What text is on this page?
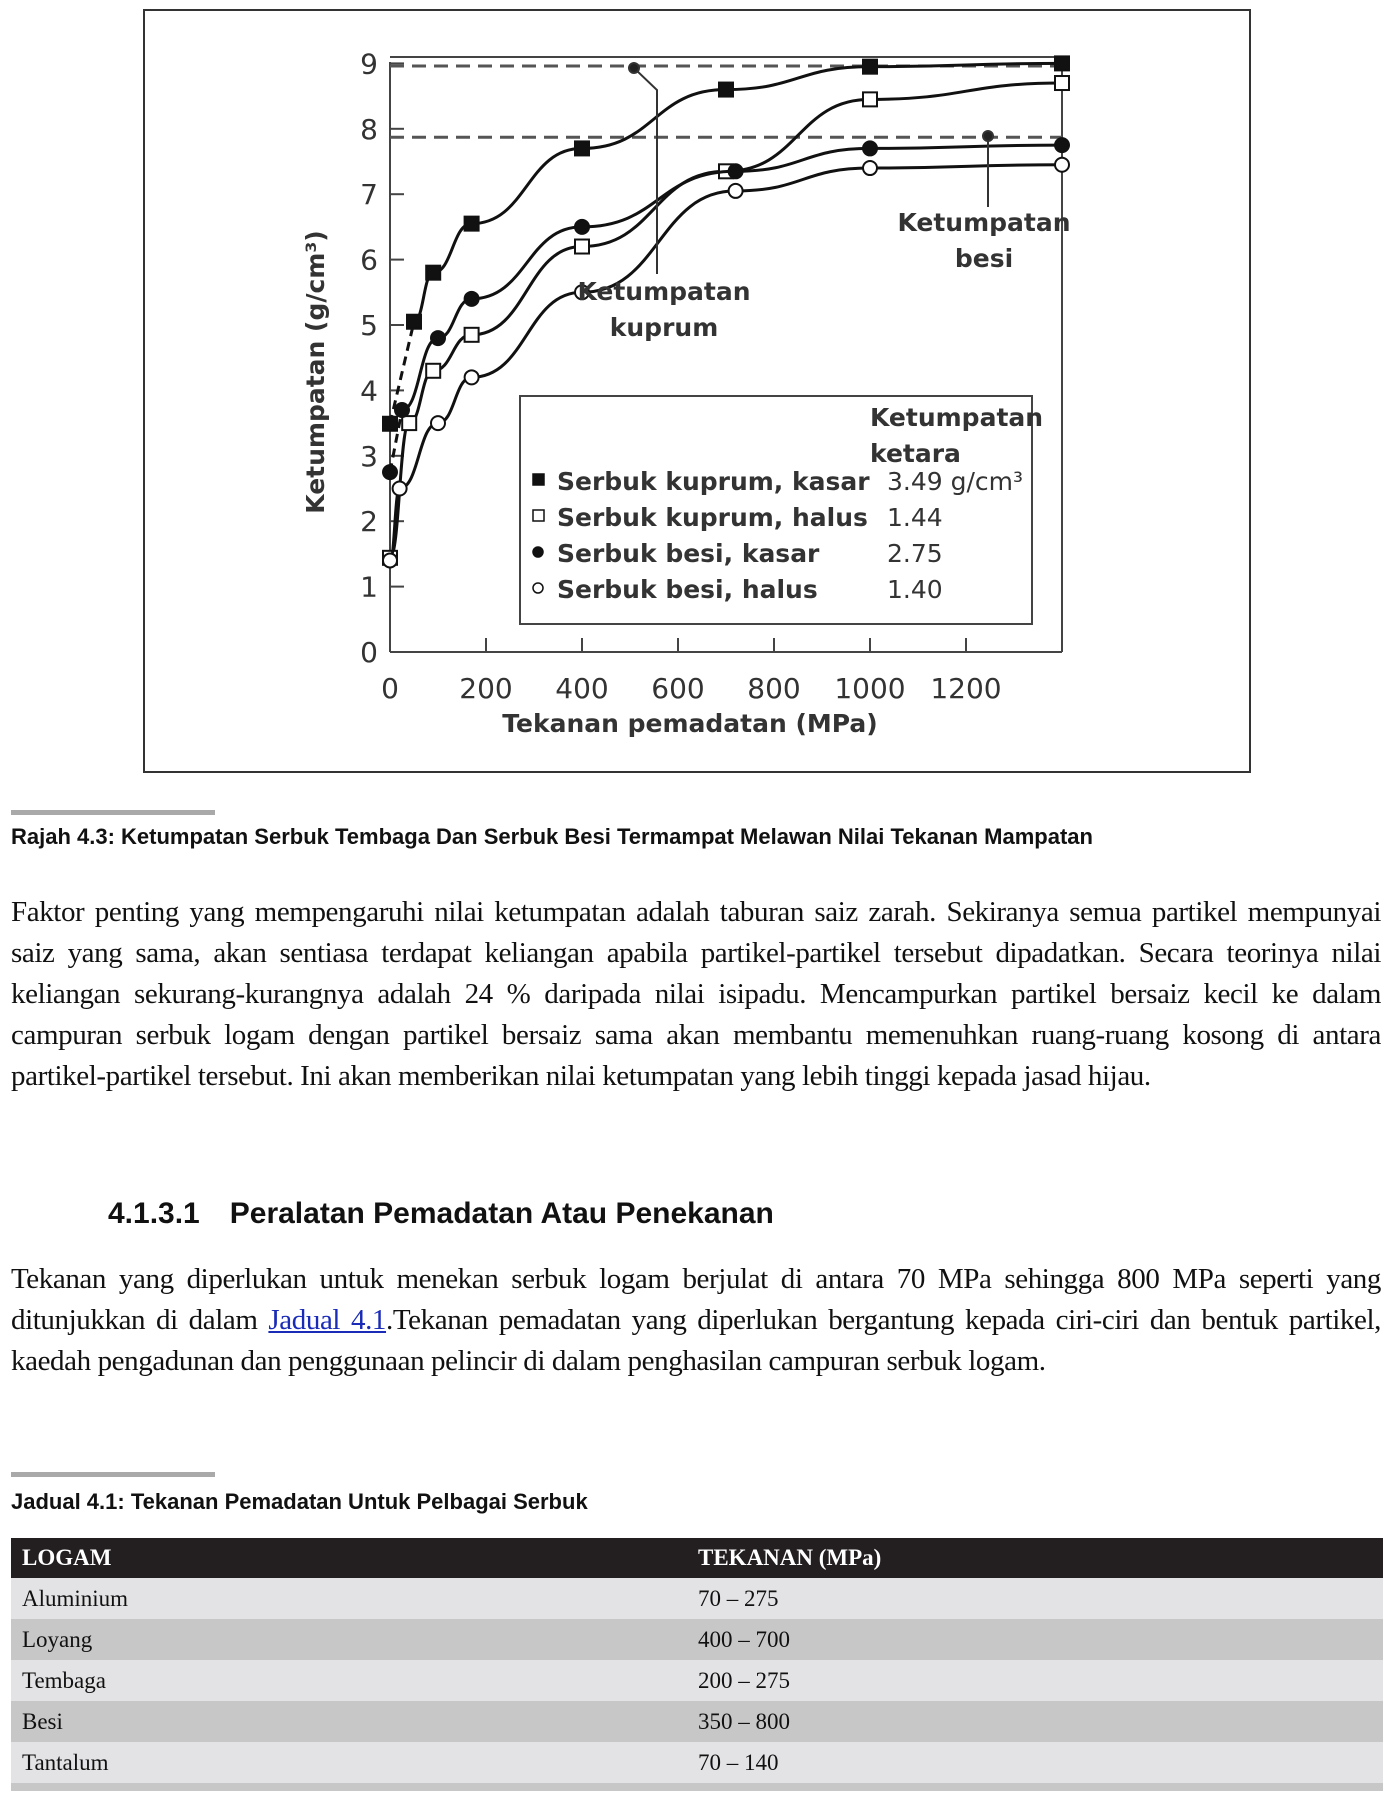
0
1
2
3
4
5
6
7
8
9
0 200 400 600 800 1000 1200
Ketumpatan (g/cm³)
Tekanan pemadatan (MPa)
Ketumpatan
kuprum
Ketumpatan
besi
Ketumpatan
ketara
Serbuk kuprum, kasar 3.49 g/cm³
Serbuk kuprum, halus 1.44
Serbuk besi, kasar	2.75
Serbuk besi, halus	1.40
Rajah 4.3: Ketumpatan Serbuk Tembaga Dan Serbuk Besi Termampat Melawan Nilai Tekanan Mampatan
Faktor penting yang mempengaruhi nilai ketumpatan adalah taburan saiz zarah. Sekiranya semua partikel mempunyai saiz yang sama, akan sentiasa terdapat keliangan apabila partikel-partikel tersebut dipadatkan. Secara teorinya nilai keliangan sekurang-kurangnya adalah 24 % daripada nilai isipadu. Mencampurkan partikel bersaiz kecil ke dalam campuran serbuk logam dengan partikel bersaiz sama akan membantu memenuhkan ruang-ruang kosong di antara partikel-partikel tersebut. Ini akan memberikan nilai ketumpatan yang lebih tinggi kepada jasad hijau.
4.1.3.1 Peralatan Pemadatan Atau Penekanan
Tekanan yang diperlukan untuk menekan serbuk logam berjulat di antara 70 MPa sehingga 800 MPa seperti yang ditunjukkan di dalam Jadual 4.1.Tekanan pemadatan yang diperlukan bergantung kepada ciri-ciri dan bentuk partikel, kaedah pengadunan dan penggunaan pelincir di dalam penghasilan campuran serbuk logam.
Jadual 4.1: Tekanan Pemadatan Untuk Pelbagai Serbuk
LOGAM	TEKANAN (MPa)
Aluminium	70 – 275
Loyang	400 – 700
Tembaga	200 – 275
Besi	350 – 800
Tantalum	70 – 140
